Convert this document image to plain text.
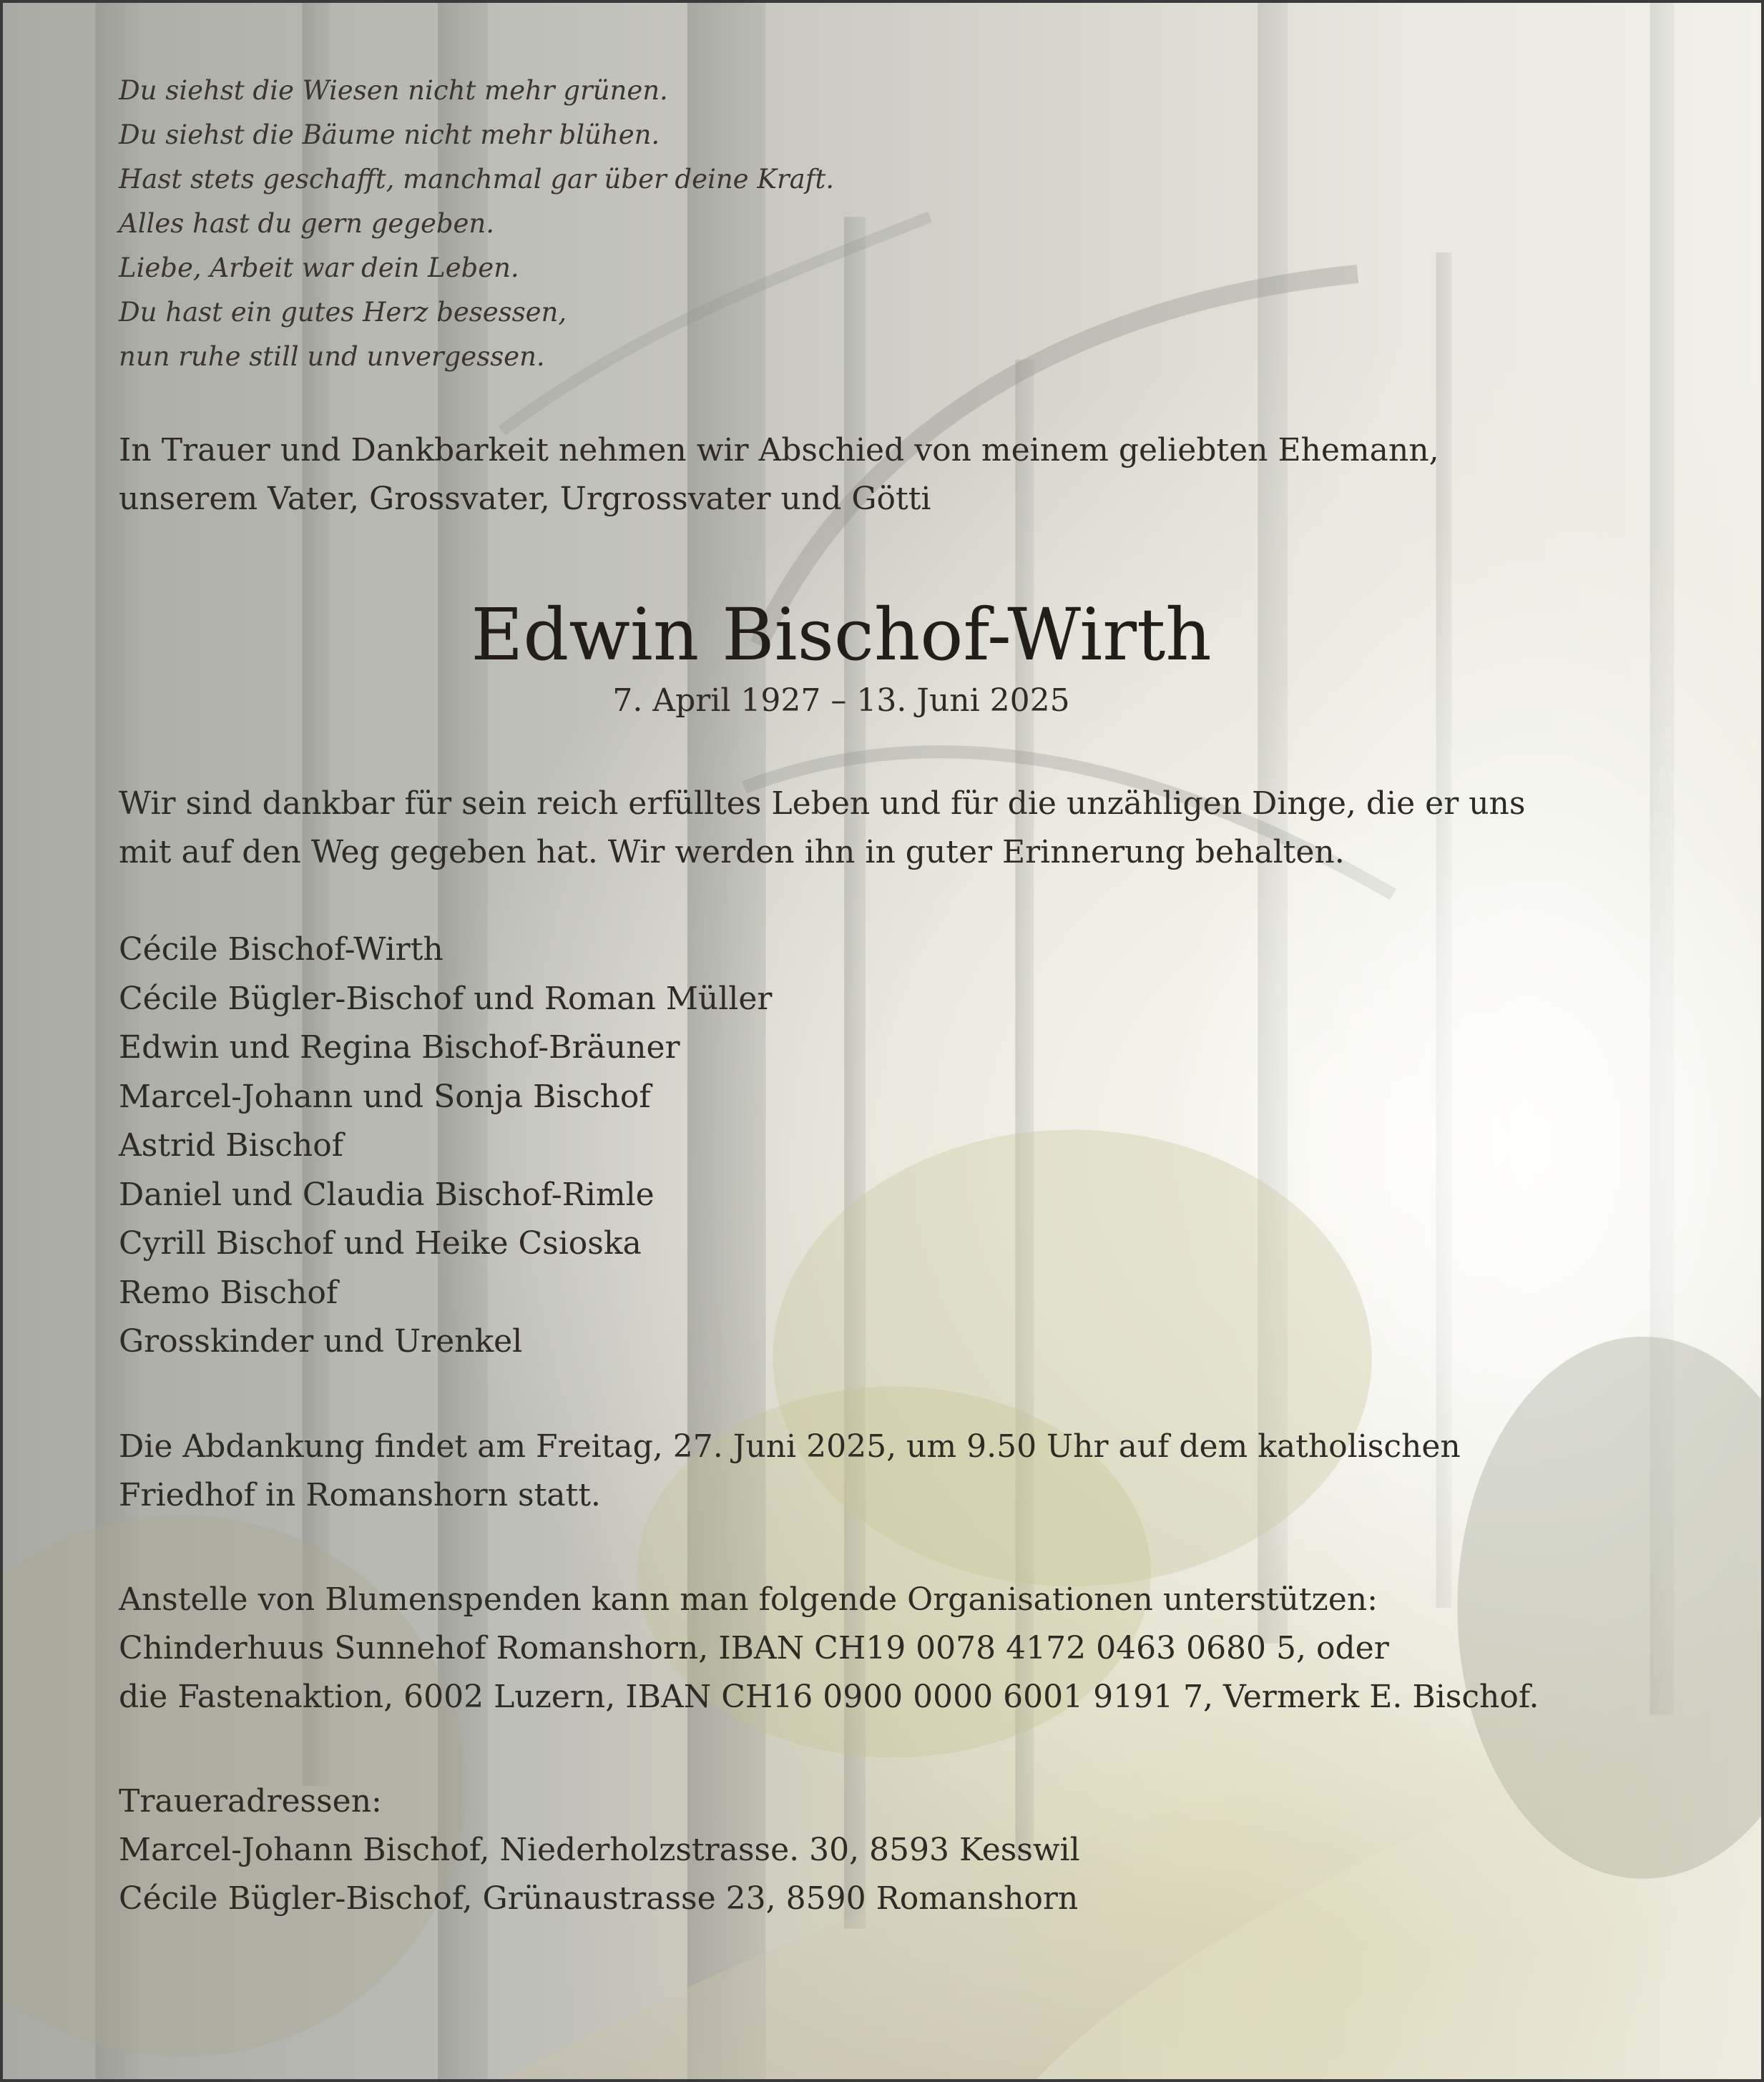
Du siehst die Wiesen nicht mehr grünen.
Du siehst die Bäume nicht mehr blühen.
Hast stets geschafft, manchmal gar über deine Kraft.
Alles hast du gern gegeben.
Liebe, Arbeit war dein Leben.
Du hast ein gutes Herz besessen,
nun ruhe still und unvergessen.
In Trauer und Dankbarkeit nehmen wir Abschied von meinem geliebten Ehemann,
unserem Vater, Grossvater, Urgrossvater und Götti
Edwin Bischof-Wirth
7. April 1927 – 13. Juni 2025
Wir sind dankbar für sein reich erfülltes Leben und für die unzähligen Dinge, die er uns
mit auf den Weg gegeben hat. Wir werden ihn in guter Erinnerung behalten.
Cécile Bischof-Wirth
Cécile Bügler-Bischof und Roman Müller
Edwin und Regina Bischof-Bräuner
Marcel-Johann und Sonja Bischof
Astrid Bischof
Daniel und Claudia Bischof-Rimle
Cyrill Bischof und Heike Csioska
Remo Bischof
Grosskinder und Urenkel
Die Abdankung findet am Freitag, 27. Juni 2025, um 9.50 Uhr auf dem katholischen
Friedhof in Romanshorn statt.
Anstelle von Blumenspenden kann man folgende Organisationen unterstützen:
Chinderhuus Sunnehof Romanshorn, IBAN CH19 0078 4172 0463 0680 5, oder
die Fastenaktion, 6002 Luzern, IBAN CH16 0900 0000 6001 9191 7, Vermerk E. Bischof.
Traueradressen:
Marcel-Johann Bischof, Niederholzstrasse. 30, 8593 Kesswil
Cécile Bügler-Bischof, Grünaustrasse 23, 8590 Romanshorn
